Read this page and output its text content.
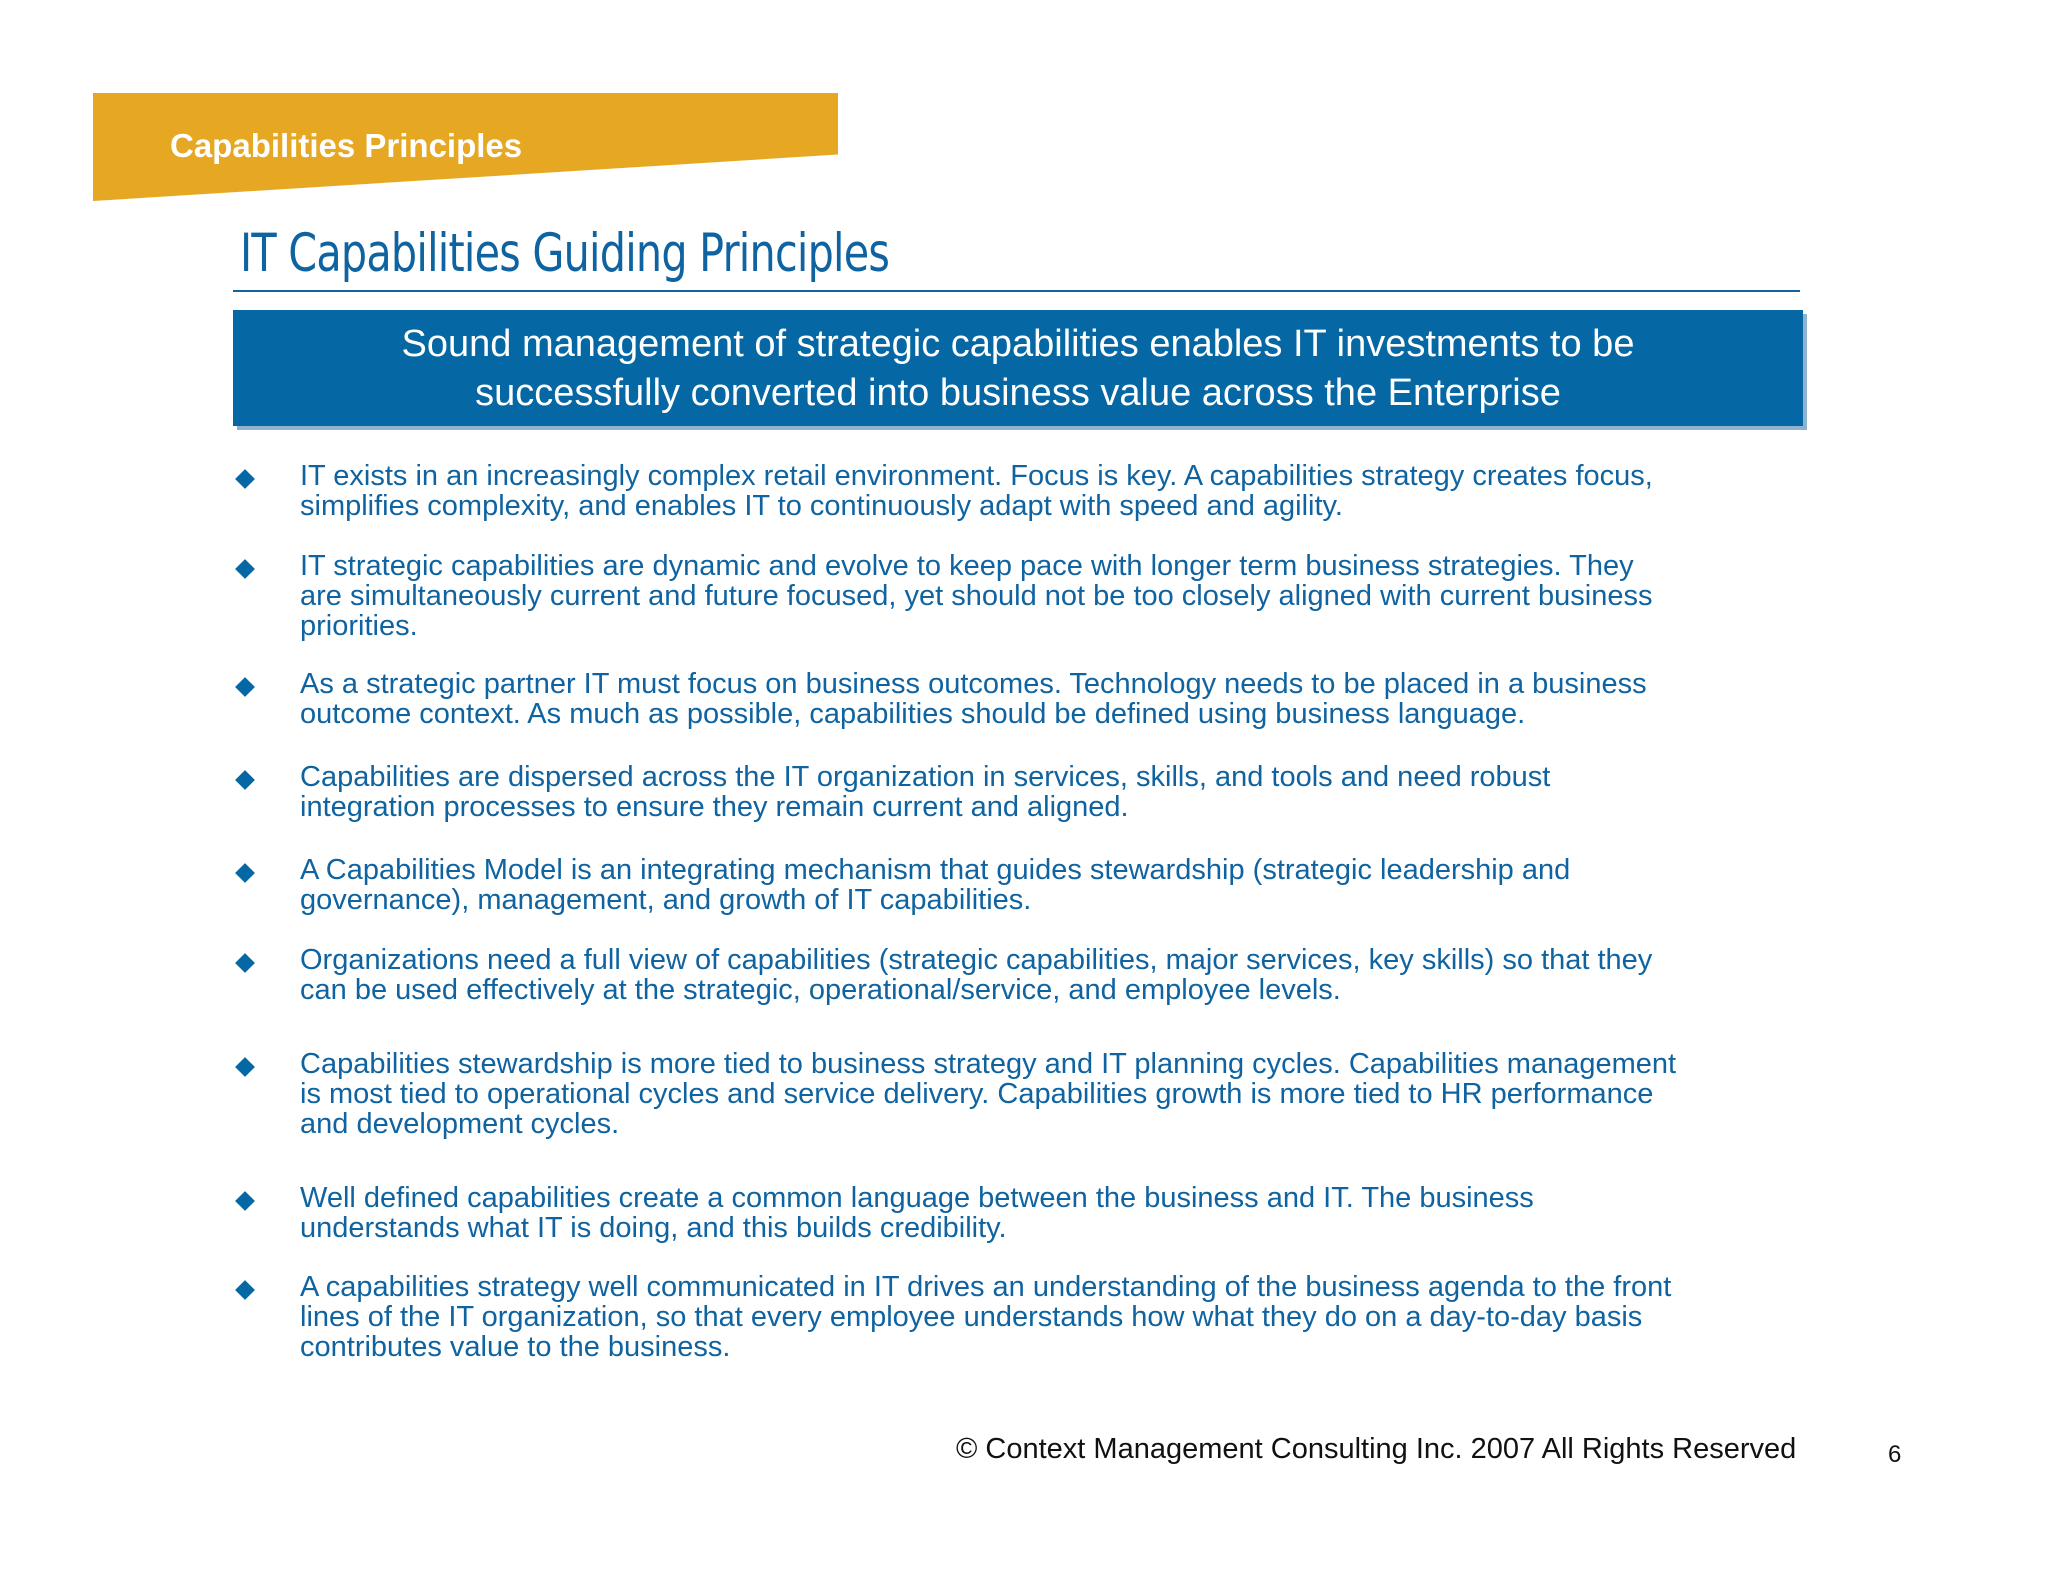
Capabilities Principles
IT Capabilities Guiding Principles
Sound management of strategic capabilities enables IT investments to be
successfully converted into business value across the Enterprise
IT exists in an increasingly complex retail environment. Focus is key. A capabilities strategy creates focus,
simplifies complexity, and enables IT to continuously adapt with speed and agility.
IT strategic capabilities are dynamic and evolve to keep pace with longer term business strategies. They
are simultaneously current and future focused, yet should not be too closely aligned with current business
priorities.
As a strategic partner IT must focus on business outcomes. Technology needs to be placed in a business
outcome context. As much as possible, capabilities should be defined using business language.
Capabilities are dispersed across the IT organization in services, skills, and tools and need robust
integration processes to ensure they remain current and aligned.
A Capabilities Model is an integrating mechanism that guides stewardship (strategic leadership and
governance), management, and growth of IT capabilities.
Organizations need a full view of capabilities (strategic capabilities, major services, key skills) so that they
can be used effectively at the strategic, operational/service, and employee levels.
Capabilities stewardship is more tied to business strategy and IT planning cycles. Capabilities management
is most tied to operational cycles and service delivery. Capabilities growth is more tied to HR performance
and development cycles.
Well defined capabilities create a common language between the business and IT. The business
understands what IT is doing, and this builds credibility.
A capabilities strategy well communicated in IT drives an understanding of the business agenda to the front
lines of the IT organization, so that every employee understands how what they do on a day-to-day basis
contributes value to the business.
© Context Management Consulting Inc. 2007 All Rights Reserved	6
